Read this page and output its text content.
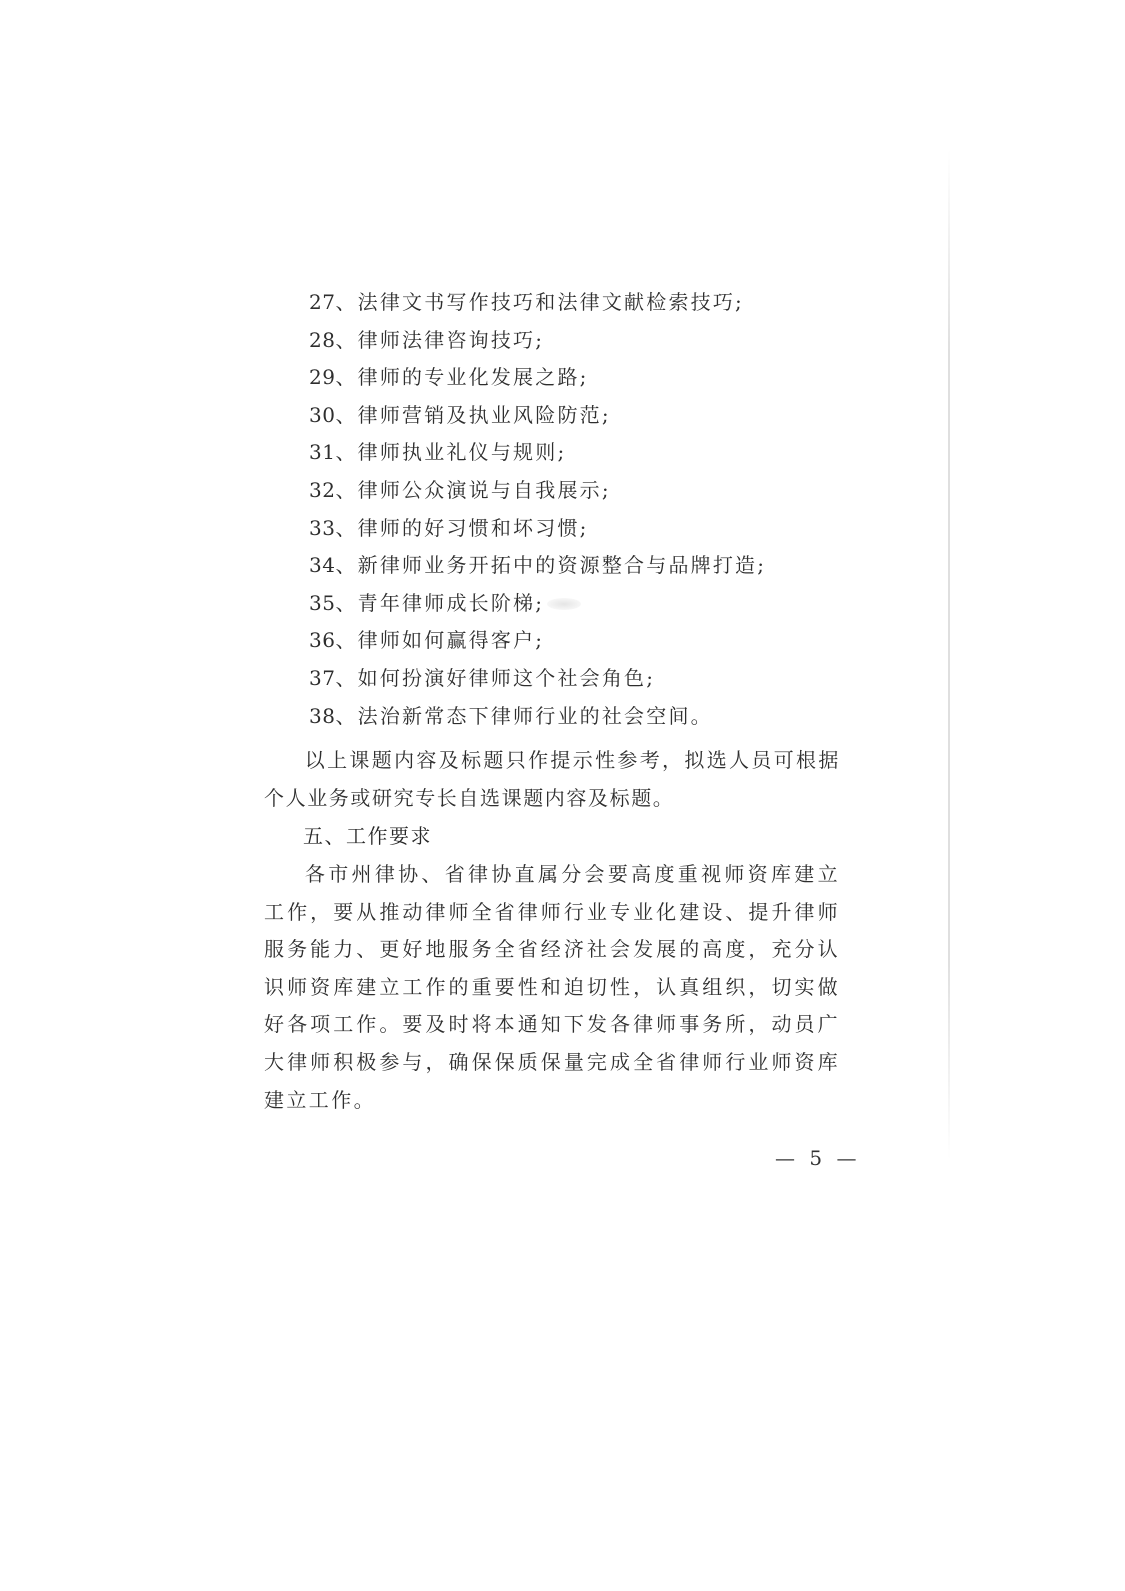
27、法律文书写作技巧和法律文献检索技巧;
28、律师法律咨询技巧;
29、律师的专业化发展之路;
30、律师营销及执业风险防范;
31、律师执业礼仪与规则;
32、律师公众演说与自我展示;
33、律师的好习惯和坏习惯;
34、新律师业务开拓中的资源整合与品牌打造;
35、青年律师成长阶梯;
36、律师如何赢得客户;
37、如何扮演好律师这个社会角色;
38、法治新常态下律师行业的社会空间。

以上课题内容及标题只作提示性参考，拟选人员可根据个人业务或研究专长自选课题内容及标题。

五、工作要求

各市州律协、省律协直属分会要高度重视师资库建立工作，要从推动律师全省律师行业专业化建设、提升律师服务能力、更好地服务全省经济社会发展的高度，充分认识师资库建立工作的重要性和迫切性，认真组织，切实做好各项工作。要及时将本通知下发各律师事务所，动员广大律师积极参与，确保保质保量完成全省律师行业师资库建立工作。

— 5 —
